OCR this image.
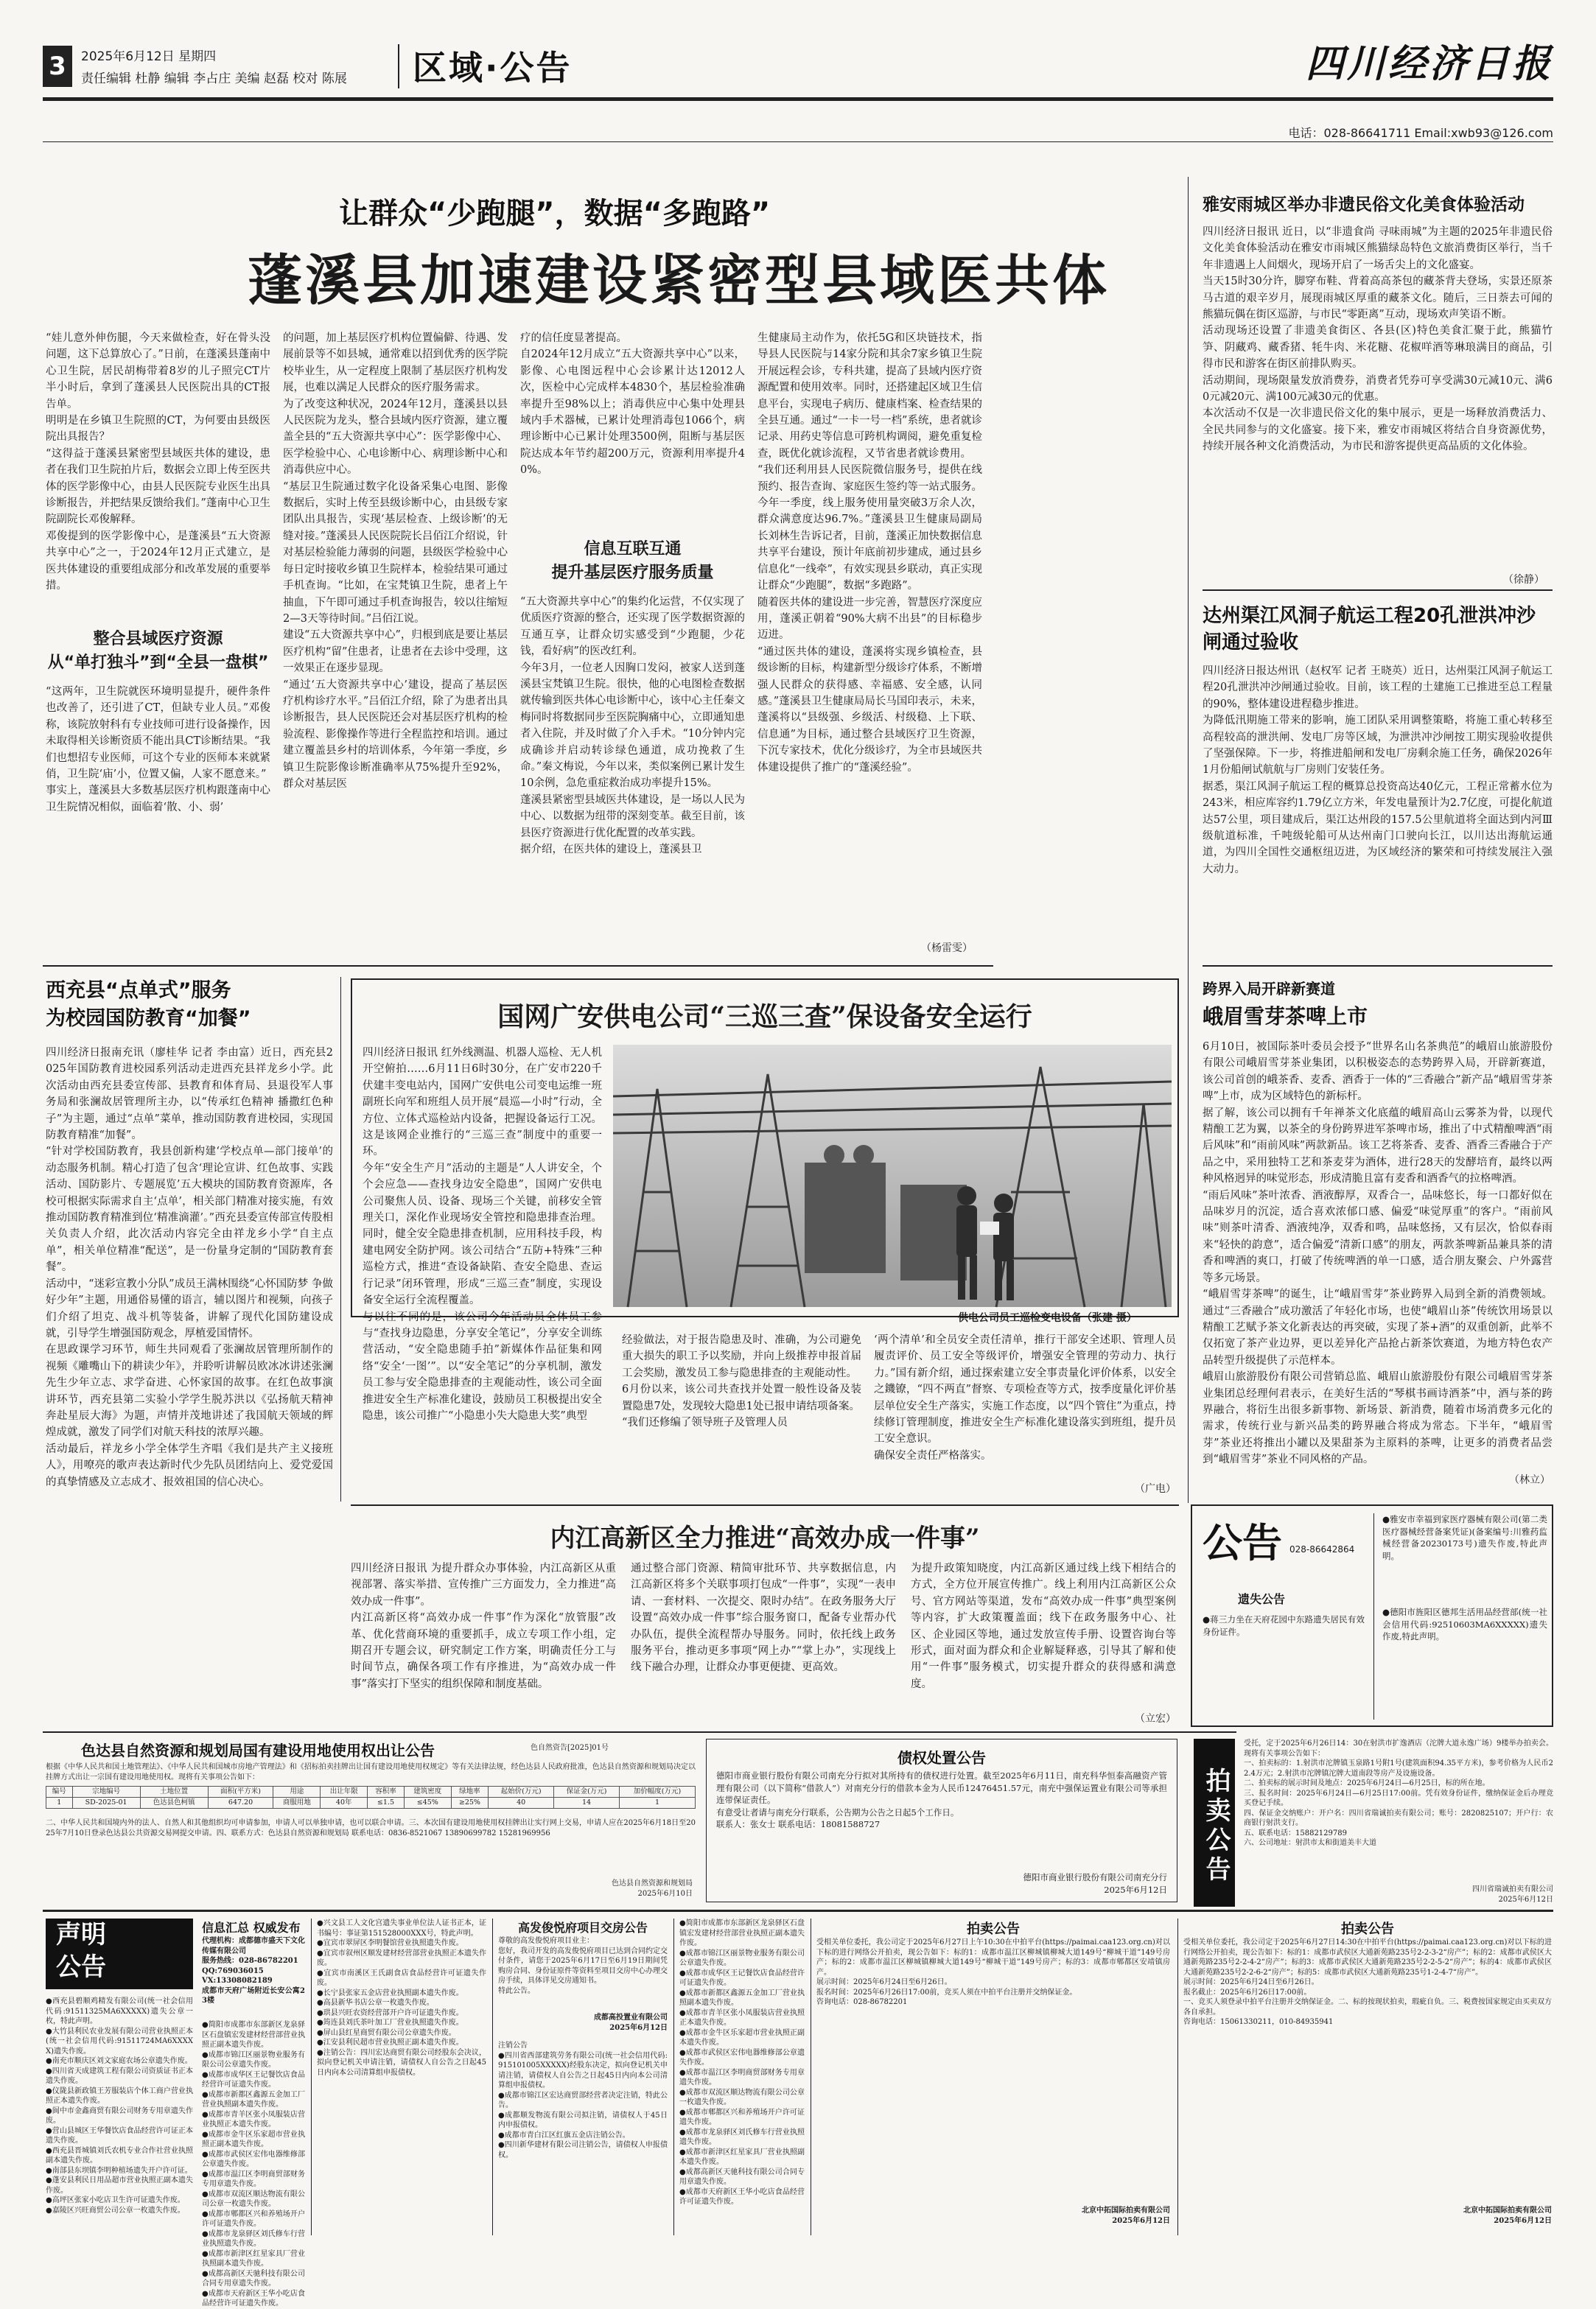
3	2025年6月12日 星期四
责任编辑 杜静 编辑 李占庄 美编 赵磊 校对 陈展 区域·公告	四川经济日报
电话：028-86641711 Email:xwb93@126.com
让群众“少跑腿”，数据“多跑路”
蓬溪县加速建设紧密型县域医共体
“娃儿意外伸伤腿，今天来做检查，好在骨头没问题，这下总算放心了。”日前，在蓬溪县蓬南中心卫生院，居民胡梅带着8岁的儿子照完CT片半小时后，拿到了蓬溪县人民医院出具的CT报告单。
明明是在乡镇卫生院照的CT，为何要由县级医院出具报告？
“这得益于蓬溪县紧密型县域医共体的建设，患者在我们卫生院拍片后，数据会立即上传至医共体的医学影像中心，由县人民医院专业医生出具诊断报告，并把结果反馈给我们。”蓬南中心卫生院副院长邓俊解释。
邓俊提到的医学影像中心，是蓬溪县“五大资源共享中心”之一，于2024年12月正式建立，是医共体建设的重要组成部分和改革发展的重要举措。
整合县域医疗资源
从“单打独斗”到“全县一盘棋”
“这两年，卫生院就医环境明显提升，硬件条件也改善了，还引进了CT，但缺专业人员。”邓俊称，该院放射科有专业技师可进行设备操作，因未取得相关诊断资质不能出具CT诊断结果。“我们也想招专业医师，可这个专业的医师本来就紧俏，卫生院‘庙’小，位置又偏，人家不愿意来。”
事实上，蓬溪县大多数基层医疗机构跟蓬南中心卫生院情况相似，面临着‘散、小、弱’
的问题，加上基层医疗机构位置偏僻、待遇、发展前景等不如县城，通常难以招到优秀的医学院校毕业生，从一定程度上限制了基层医疗机构发展，也难以满足人民群众的医疗服务需求。
为了改变这种状况，2024年12月，蓬溪县以县人民医院为龙头，整合县域内医疗资源，建立覆盖全县的“五大资源共享中心”：医学影像中心、医学检验中心、心电诊断中心、病理诊断中心和消毒供应中心。
“基层卫生院通过数字化设备采集心电图、影像数据后，实时上传至县级诊断中心，由县级专家团队出具报告，实现‘基层检查、上级诊断’的无缝对接。”蓬溪县人民医院院长吕佰江介绍说，针对基层检验能力薄弱的问题，县级医学检验中心每日定时接收乡镇卫生院样本，检验结果可通过手机查询。“比如，在宝梵镇卫生院，患者上午抽血，下午即可通过手机查询报告，较以往缩短2—3天等待时间。”吕佰江说。
建设“五大资源共享中心”，归根到底是要让基层医疗机构“留”住患者，让患者在去诊中受理，这一效果正在逐步显现。
“通过‘五大资源共享中心’建设，提高了基层医疗机构诊疗水平。”吕佰江介绍，除了为患者出具诊断报告，县人民医院还会对基层医疗机构的检验流程、影像操作等进行全程监控和培训。通过建立覆盖县乡村的培训体系，今年第一季度，乡镇卫生院影像诊断准确率从75%提升至92%，群众对基层医
疗的信任度显著提高。
自2024年12月成立“五大资源共享中心”以来，影像、心电图远程中心会诊累计达12012人次，医检中心完成样本4830个，基层检验准确率提升至98%以上；消毒供应中心集中处理县域内手术器械，已累计处理消毒包1066个，病理诊断中心已累计处理3500例，阻断与基层医院达成本年节约超200万元，资源利用率提升40%。
信息互联互通
提升基层医疗服务质量
“五大资源共享中心”的集约化运营，不仅实现了优质医疗资源的整合，还实现了医学数据资源的互通互享，让群众切实感受到“少跑腿，少花钱，看好病”的医改红利。
今年3月，一位老人因胸口发闷，被家人送到蓬溪县宝梵镇卫生院。很快，他的心电图检查数据就传输到医共体心电诊断中心，该中心主任秦文梅同时将数据同步至医院胸痛中心，立即通知患者入住院，并及时做了介入手术。“10分钟内完成确诊并启动转诊绿色通道，成功挽救了生命。”秦文梅说，今年以来，类似案例已累计发生10余例，急危重症救治成功率提升15%。
蓬溪县紧密型县域医共体建设，是一场以人民为中心、以数据为纽带的深刻变革。截至目前，该县医疗资源进行优化配置的改革实践。
据介绍，在医共体的建设上，蓬溪县卫
生健康局主动作为，依托5G和区块链技术，指导县人民医院与14家分院和其余7家乡镇卫生院开展远程会诊，专科共建，提高了县域内医疗资源配置和使用效率。同时，还搭建起区域卫生信息平台，实现电子病历、健康档案、检查结果的全县互通。通过“一卡一号一档”系统，患者就诊记录、用药史等信息可跨机构调阅，避免重复检查，既优化就诊流程，又节省患者就诊费用。
“我们还利用县人民医院微信服务号，提供在线预约、报告查询、家庭医生签约等一站式服务。今年一季度，线上服务使用量突破3万余人次，群众满意度达96.7%。”蓬溪县卫生健康局副局长刘林生告诉记者，目前，蓬溪正加快数据信息共享平台建设，预计年底前初步建成，通过县乡信息化“一线牵”，有效实现县乡联动，真正实现让群众“少跑腿”，数据“多跑路”。
随着医共体的建设进一步完善，智慧医疗深度应用，蓬溪正朝着“90%大病不出县”的目标稳步迈进。
“通过医共体的建设，蓬溪将实现乡镇检查，县级诊断的目标，构建新型分级诊疗体系，不断增强人民群众的获得感、幸福感、安全感，认同感。”蓬溪县卫生健康局局长马国印表示，未来，蓬溪将以“县级强、乡级活、村级稳、上下联、信息通”为目标，通过整合县域医疗卫生资源，下沉专家技术，优化分级诊疗，为全市县域医共体建设提供了推广的“蓬溪经验”。
（杨雷雯）
雅安雨城区举办非遗民俗文化美食体验活动
四川经济日报讯 近日，以“非遗食尚 寻味雨城”为主题的2025年非遗民俗文化美食体验活动在雅安市雨城区熊猫绿岛特色文旅消费街区举行，当千年非遗遇上人间烟火，现场开启了一场舌尖上的文化盛宴。
当天15时30分许，脚穿布鞋、背着高高茶包的藏茶背夫登场，实景还原茶马古道的艰辛岁月，展现雨城区厚重的藏茶文化。随后，三日萘去可闻的熊猫玩偶在街区巡游，与市民“零距离”互动，现场欢声笑语不断。
活动现场还设置了非遗美食街区、各县(区)特色美食汇聚于此，熊猫竹笋、阴藏鸡、藏香猪、牦牛肉、米花糖、花椒咩酒等琳琅满目的商品，引得市民和游客在街区前排队购买。
活动期间，现场限量发放消费券，消费者凭券可享受满30元减10元、满60元减20元、满100元减30元的优惠。
本次活动不仅是一次非遗民俗文化的集中展示，更是一场释放消费活力、全民共同参与的文化盛宴。接下来，雅安市雨城区将结合自身资源优势，持续开展各种文化消费活动，为市民和游客提供更高品质的文化体验。
（徐静）
达州渠江风洞子航运工程20孔泄洪冲沙闸通过验收
四川经济日报达州讯（赵权军 记者 王晓英）近日，达州渠江风洞子航运工程20孔泄洪冲沙闸通过验收。目前，该工程的土建施工已推进至总工程量的90%，整体建设进程稳步推进。
为降低汛期施工带来的影响，施工团队采用调整策略，将施工重心转移至高程较高的泄洪闸、发电厂房等区域，为泄洪冲沙闸按工期实现验收提供了坚强保障。下一步，将推进船闸和发电厂房剩余施工任务，确保2026年1月份船闸试航航与厂房则门安装任务。
据悉，渠江风洞子航运工程的概算总投资高达40亿元，工程正常蓄水位为243米，相应库容约1.79亿立方米，年发电量预计为2.7亿度，可提化航道达57公里，项目建成后，渠江达州段的157.5公里航道将全面达到内河Ⅲ级航道标准，千吨级轮船可从达州南门口驶向长江，以川达出海航运通道，为四川全国性交通枢纽迈进，为区域经济的繁荣和可持续发展注入强大动力。
跨界入局开辟新赛道
峨眉雪芽茶啤上市
6月10日，被国际茶叶委员会授予“世界名山名茶典范”的峨眉山旅游股份有限公司峨眉雪芽茶业集团，以积极姿态的态势跨界入局，开辟新赛道，该公司首创的峨茶香、麦香、酒香于一体的“三香融合”新产品“峨眉雪芽茶啤”上市，成为区域特色的新标杆。
据了解，该公司以拥有千年禅茶文化底蕴的峨眉高山云雾茶为骨，以现代精酿工艺为翼，以茶全的身份跨界进军茶啤市场，推出了中式精酿啤酒“雨后风味”和“雨前风味”两款新品。该工艺将茶香、麦香、酒香三香融合于产品之中，采用独特工艺和茶麦芽为酒体，进行28天的发酵培育，最终以两种风格迥异的味觉形态，形成清脆且富有麦香和酒香气的拉格啤酒。
“雨后风味”茶叶浓香、酒液醇厚，双香合一，品味悠长，每一口都好似在品味岁月的沉淀，适合喜欢浓郁口感、偏爱“味觉厚重”的客户。“雨前风味”则茶叶清香、酒液纯净，双香和鸣，品味悠扬，又有层次，恰似春雨来“轻快的韵意”，适合偏爱“清新口感”的朋友，两款茶啤新品兼具茶的清香和啤酒的爽口，打破了传统啤酒的单一口感，适合朋友聚会、户外露营等多元场景。
“峨眉雪芽茶啤”的诞生，让“峨眉雪芽”茶业跨界入局到全新的消费领域。通过“三香融合”成功激活了年轻化市场，也使“峨眉山茶”传统饮用场景以精酿工艺赋予茶文化新表达的再突破，实现了茶+酒”的双重创新，此举不仅拓宽了茶产业边界，更以差异化产品抢占新茶饮赛道，为地方特色农产品转型升级提供了示范样本。
峨眉山旅游股份有限公司营销总监、峨眉山旅游股份有限公司峨眉雪芽茶业集团总经理何君表示，在美好生活的“琴棋书画诗酒茶”中，酒与茶的跨界融合，将衍生出很多新事物、新场景、新消费，随着市场消费多元化的需求，传统行业与新兴品类的跨界融合将成为常态。下半年，“峨眉雪芽”茶业还将推出小罐以及果甜茶为主原料的茶啤，让更多的消费者品尝到“峨眉雪芽”茶业不同风格的产品。
（林立）
西充县“点单式”服务
为校园国防教育“加餐”
四川经济日报南充讯（廖桂华 记者 李由富）近日，西充县2025年国防教育进校园系列活动走进西充县祥龙乡小学。此次活动由西充县委宣传部、县教育和体育局、县退役军人事务局和张澜故居管理所主办，以“传承红色精神 播撒红色种子”为主题，通过“点单”菜单，推动国防教育进校园，实现国防教育精准“加餐”。
“针对学校国防教育，我县创新构建‘学校点单—部门接单’的动态服务机制。精心打造了包含‘理论宣讲、红色故事、实践活动、国防影片、专题展览’五大模块的国防教育资源库，各校可根据实际需求自主‘点单’，相关部门精准对接实施，有效推动国防教育精准到位‘精准滴灌’。”西充县委宣传部宣传股相关负责人介绍，此次活动内容完全由祥龙乡小学“自主点单”，相关单位精准“配送”，是一份量身定制的“国防教育套餐”。
活动中，“迷彩宣教小分队”成员王满林围绕“心怀国防梦 争做好少年”主题，用通俗易懂的语言，辅以图片和视频，向孩子们介绍了坦克、战斗机等装备，讲解了现代化国防建设成就，引导学生增强国防观念，厚植爱国情怀。
在思政课学习环节，师生共同观看了张澜故居管理所制作的视频《雕嘴山下的耕读少年》，并聆听讲解员欧冰冰讲述张澜先生少年立志、求学奋进、心怀家国的故事。在红色故事演讲环节，西充县第二实验小学学生脱苏洪以《弘扬航天精神 奔赴星辰大海》为题，声情并茂地讲述了我国航天领域的辉煌成就，激发了同学们对航天科技的浓厚兴趣。
活动最后，祥龙乡小学全体学生齐唱《我们是共产主义接班人》，用嘹亮的歌声表达新时代少先队员团结向上、爱党爱国的真挚情感及立志成才、报效祖国的信心决心。
国网广安供电公司“三巡三查”保设备安全运行
四川经济日报讯 红外线测温、机器人巡检、无人机开空俯拍……6月11日6时30分，在广安市220千伏建丰变电站内，国网广安供电公司变电运维一班副班长向军和班组人员开展“晨巡—小时”行动，全方位、立体式巡检站内设备，把握设备运行工况。这是该网企业推行的“三巡三查”制度中的重要一环。
今年“安全生产月”活动的主题是“人人讲安全，个个会应急——查找身边安全隐患”，国网广安供电公司聚焦人员、设备、现场三个关键，前移安全管理关口，深化作业现场安全管控和隐患排查治理。同时，健全安全隐患排查机制，应用科技手段，构建电网安全防护网。该公司结合“五防+特殊”三种巡检方式，推进“查设备缺陷、查安全隐患、查运行记录”闭环管理，形成“三巡三查”制度，实现设备安全运行全流程覆盖。
与以往不同的是，该公司今年活动员全体员工参与“查找身边隐患，分享安全笔记”，分享安全训练营活动，“安全隐患随手拍”新媒体作品征集和网络“安全‘一图’”。以“安全笔记”的分享机制，激发员工参与安全隐患排查的主观能动性，该公司全面推进安全生产标准化建设，鼓励员工积极提出安全隐患，该公司推广“小隐患小失大隐患大奖”典型
供电公司员工巡检变电设备（张建 摄）
经验做法，对于报告隐患及时、准确，为公司避免重大损失的职工予以奖励，并向上级推荐申报首届工会奖励，激发员工参与隐患排查的主观能动性。
6月份以来，该公司共查找并处置一般性设备及装置隐患7处，发现较大隐患1处已报申请结项备案。
“我们还修编了领导班子及管理人员
‘两个清单’和全员安全责任清单，推行干部安全述职、管理人员履责评价、员工安全等级评价，增强安全管理的劳动力、执行力。”国有新介绍，通过探索建立安全事责量化评价体系，以安全之鐖镣，“四不两直”督察、专项检查等方式，按季度量化评价基层单位安全生产落实，实施工作态度，以“四个管住”为重点，持续修订管理制度，推进安全生产标准化建设落实到班组，提升员工安全意识。
确保安全责任严格落实。
（广电）
内江高新区全力推进“高效办成一件事”
四川经济日报讯 为提升群众办事体验，内江高新区从重视部署、落实举措、宣传推广三方面发力，全力推进“高效办成一件事”。
内江高新区将“高效办成一件事”作为深化“放管服”改革、优化营商环境的重要抓手，成立专项工作小组，定期召开专题会议，研究制定工作方案，明确责任分工与时间节点，确保各项工作有序推进，为“高效办成一件事”落实打下坚实的组织保障和制度基础。
通过整合部门资源、精简审批环节、共享数据信息，内江高新区将多个关联事项打包成“一件事”，实现“一表申请、一套材料、一次提交、限时办结”。在政务服务大厅设置“高效办成一件事”综合服务窗口，配备专业帮办代办队伍，提供全流程帮办导服务。同时，依托线上政务服务平台，推动更多事项“网上办”“掌上办”，实现线上线下融合办理，让群众办事更便捷、更高效。
为提升政策知晓度，内江高新区通过线上线下相结合的方式，全方位开展宣传推广。线上利用内江高新区公众号、官方网站等渠道，发布“高效办成一件事”典型案例等内容，扩大政策覆盖面；线下在政务服务中心、社区、企业园区等地，通过发放宣传手册、设置咨询台等形式，面对面为群众和企业解疑释惑，引导其了解和使用“一件事”服务模式，切实提升群众的获得感和满意度。
（立宏）
公告 028-86642864
遗失公告
●蒋三力坐在天府花园中东路遗失居民有效身份证件。
●雅安市幸福到家医疗器械有限公司(第二类医疗器械经营备案凭证)(备案编号:川雅药监械经营备20230173号)遗失作废,特此声明。
●德阳市旌阳区德邦生活用品经营部(统一社会信用代码:92510603MA6XXXXX)遗失作废,特此声明。
色达县自然资源和规划局国有建设用地使用权出让公告	色自然资告[2025]01号
根据《中华人民共和国土地管理法》、《中华人民共和国城市房地产管理法》和《招标拍卖挂牌出让国有建设用地使用权规定》等有关法律法规，经色达县人民政府批准，色达县自然资源和规划局决定以挂牌方式出让一宗国有建设用地使用权。现将有关事项公告如下：
编号	宗地编号	土地位置	面积(平方米)	用途	出让年限	容积率	建筑密度	绿地率	起始价(万元)	保证金(万元)	加价幅度(万元)
1	SD-2025-01	色达县色柯镇	647.20	商服用地	40年	≤1.5	≤45%	≥25%	40	14	1
二、中华人民共和国境内外的法人、自然人和其他组织均可申请参加，申请人可以单独申请，也可以联合申请。三、本次国有建设用地使用权挂牌出让实行网上交易，申请人应在2025年6月18日至2025年7月10日登录色达县公共资源交易网提交申请。四、联系方式：色达县自然资源和规划局 联系电话：0836-8521067 13890699782 15281969956
色达县自然资源和规划局
2025年6月10日
债权处置公告
德阳市商业银行股份有限公司南充分行拟对其所持有的债权进行处置。截至2025年6月11日，南充科华恒泰高融资产管理有限公司（以下简称“借款人”）对南充分行的借款本金为人民币12476451.57元，南充中强保运置业有限公司等承担连带保证责任。
有意受让者请与南充分行联系，公告期为公告之日起5个工作日。
联系人：张女士 联系电话：18081588727
德阳市商业银行股份有限公司南充分行
2025年6月12日
拍卖公告
受托，定于2025年6月26日14：30在射洪市扩逸酒店（沱牌大道永逸广场）9楼举办拍卖会。现将有关事项公告如下：
一、拍卖标的：1.射洪市沱牌镇玉泉路1号附1号(建筑面积94.35平方米)，参考价格为人民币22.4万元；2.射洪市沱牌镇沱牌大道南段等房产及设施设备。
二、拍卖标的展示时间及地点：2025年6月24日—6月25日，标的所在地。
三、报名时间：2025年6月24日—6月25日17:00前。凭有效身份证件，缴纳保证金后办理竞买登记手续。
四、保证金交纳账户：开户名：四川省瑞诚拍卖有限公司；账号：2820825107；开户行：农商银行射洪支行。
五、联系电话：15882129789
六、公司地址：射洪市太和街道美丰大道
四川省瑞诚拍卖有限公司
2025年6月12日
声明
公告
●西充县碧顺鸡精发有限公司(统一社会信用代码:91511325MA6XXXXX)遗失公章一枚，特此声明。
●大竹县利民农业发展有限公司营业执照正本(统一社会信用代码:91511724MA6XXXXX)遗失作废。
●南充市顺庆区刘文家庭农场公章遗失作废。
●四川省天成建筑工程有限公司资质证书正本遗失作废。
●仪陇县新政镇王芳服装店个体工商户营业执照正本遗失作废。
●阆中市金鑫商贸有限公司财务专用章遗失作废。
●营山县城区王华餐饮店食品经营许可证正本遗失作废。
●西充县晋城镇刘氏农机专业合作社营业执照副本遗失作废。
●南部县东坝镇李明种植场遗失开户许可证。
●蓬安县利民日用品超市营业执照正副本遗失作废。
●高坪区张家小吃店卫生许可证遗失作废。
●嘉陵区兴旺商贸公司公章一枚遗失作废。
信息汇总 权威发布
代理机构：成都德市盛天下文化传媒有限公司
服务热线：028-86782201
QQ:769036015
VX:13308082189
成都市天府广场附近长安公寓23楼
●简阳市成都市东部新区龙泉驿区石盘镇宏发建材经营部营业执照正副本遗失作废。
●成都市锦江区丽景物业服务有限公司公章遗失作废。
●成都市成华区王记餐饮店食品经营许可证遗失作废。
●成都市新都区鑫源五金加工厂营业执照副本遗失作废。
●成都市青羊区张小凤服装店营业执照正本遗失作废。
●成都市金牛区乐家超市营业执照正副本遗失作废。
●成都市武侯区宏伟电器维修部公章遗失作废。
●成都市温江区李明商贸部财务专用章遗失作废。
●成都市双流区顺达物流有限公司公章一枚遗失作废。
●成都市郫都区兴和养殖场开户许可证遗失作废。
●成都市龙泉驿区刘氏修车行营业执照遗失作废。
●成都市新津区红星家具厂营业执照副本遗失作废。
●成都高新区天驰科技有限公司合同专用章遗失作废。
●成都市天府新区王华小吃店食品经营许可证遗失作废。
●兴文县工人文化宫遗失事业单位法人证书正本，证书编号：事证第151528000XXX号，特此声明。
●宜宾市翠屏区李明餐馆营业执照遗失作废。
●宜宾市叙州区顺发建材经营部营业执照正本遗失作废。
●宜宾市南溪区王氏副食店食品经营许可证遗失作废。
●长宁县张家五金店营业执照副本遗失作废。
●高县新华书店公章一枚遗失作废。
●珙县兴旺农资经营部开户许可证遗失作废。
●筠连县刘氏茶叶加工厂营业执照遗失作废。
●屏山县红星商贸有限公司公章遗失作废。
●江安县利民超市营业执照正副本遗失作废。
●注销公告：四川宏达商贸有限公司经股东会决议，拟向登记机关申请注销，请债权人自公告之日起45日内向本公司清算组申报债权。
高发俊悦府项目交房公告
尊敬的高发俊悦府项目业主：
您好，我司开发的高发俊悦府项目已达到合同约定交付条件，请您于2025年6月17日至6月19日期间凭购房合同、身份证原件等资料至项目交房中心办理交房手续，具体详见交房通知书。
特此公告。
成都高投置业有限公司
2025年6月12日
注销公告
●四川省西部建筑劳务有限公司(统一社会信用代码:915101005XXXXX)经股东决定，拟向登记机关申请注销，请债权人自公告之日起45日内向本公司清算组申报债权。
●成都市锦江区宏达商贸部经营者决定注销，特此公告。
●成都顺发物流有限公司拟注销，请债权人于45日内申报债权。
●成都市青白江区红旗五金店注销公告。
●四川新华建材有限公司注销公告，请债权人申报债权。
●简阳市成都市东部新区龙泉驿区石盘镇宏发建材经营部营业执照正副本遗失作废。
●成都市锦江区丽景物业服务有限公司公章遗失作废。
●成都市成华区王记餐饮店食品经营许可证遗失作废。
●成都市新都区鑫源五金加工厂营业执照副本遗失作废。
●成都市青羊区张小凤服装店营业执照正本遗失作废。
●成都市金牛区乐家超市营业执照正副本遗失作废。
●成都市武侯区宏伟电器维修部公章遗失作废。
●成都市温江区李明商贸部财务专用章遗失作废。
●成都市双流区顺达物流有限公司公章一枚遗失作废。
●成都市郫都区兴和养殖场开户许可证遗失作废。
●成都市龙泉驿区刘氏修车行营业执照遗失作废。
●成都市新津区红星家具厂营业执照副本遗失作废。
●成都高新区天驰科技有限公司合同专用章遗失作废。
●成都市天府新区王华小吃店食品经营许可证遗失作废。
拍卖公告
受相关单位委托，我公司定于2025年6月27日上午10:30在中拍平台(https://paimai.caa123.org.cn)对以下标的进行网络公开拍卖，现公告如下：标的1：成都市温江区柳城镇柳城大道149号“柳城干道”149号房产；标的2：成都市温江区柳城镇柳城大道149号“柳城干道”149号房产；标的3：成都市郫都区安靖镇房产。
展示时间：2025年6月24日至6月26日。
报名时间：2025年6月26日17:00前，竞买人须在中拍平台注册并交纳保证金。
咨询电话：028-86782201
北京中拓国际拍卖有限公司
2025年6月12日
拍卖公告
受相关单位委托，我公司定于2025年6月27日14:30在中拍平台(https://paimai.caa123.org.cn)对以下标的进行网络公开拍卖，现公告如下：标的1：成都市武侯区大通新苑路235号2-2-3-2“房产”；标的2：成都市武侯区大通新苑路235号2-2-4-2“房产”；标的3：成都市武侯区大通新苑路235号2-2-5-2“房产”；标的4：成都市武侯区大通新苑路235号2-2-6-2“房产”；标的5：成都市武侯区大通新苑路235号1-2-4-7“房产”。
展示时间：2025年6月24日至6月26日。
报名截止：2025年6月26日17:00前。
一、竞买人须登录中拍平台注册并交纳保证金。二、标的按现状拍卖，瑕疵自负。三、税费按国家规定由买卖双方各自承担。
咨询电话：15061330211，010-84935941
北京中拓国际拍卖有限公司
2025年6月12日
